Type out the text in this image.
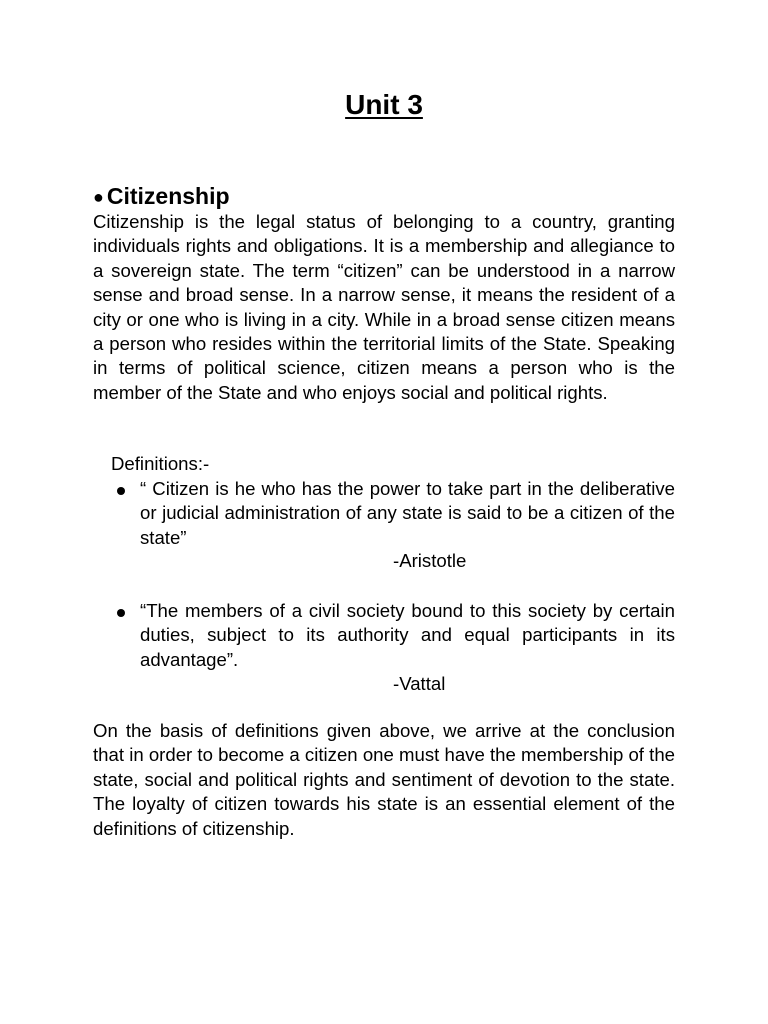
Unit 3
● Citizenship

Citizenship is the legal status of belonging to a country, granting individuals rights and obligations. It is a membership and allegiance to a sovereign state. The term “citizen” can be understood in a narrow sense and broad sense. In a narrow sense, it means the resident of a city or one who is living in a city. While in a broad sense citizen means a person who resides within the territorial limits of the State. Speaking in terms of political science, citizen means a person who is the member of the State and who enjoys social and political rights.

Definitions:-
“ Citizen is he who has the power to take part in the deliberative or judicial administration of any state is said to be a citizen of the state”
-Aristotle
“The members of a civil society bound to this society by certain duties, subject to its authority and equal participants in its advantage”.
-Vattal

On the basis of definitions given above, we arrive at the conclusion that in order to become a citizen one must have the membership of the state, social and political rights and sentiment of devotion to the state. The loyalty of citizen towards his state is an essential element of the definitions of citizenship.
